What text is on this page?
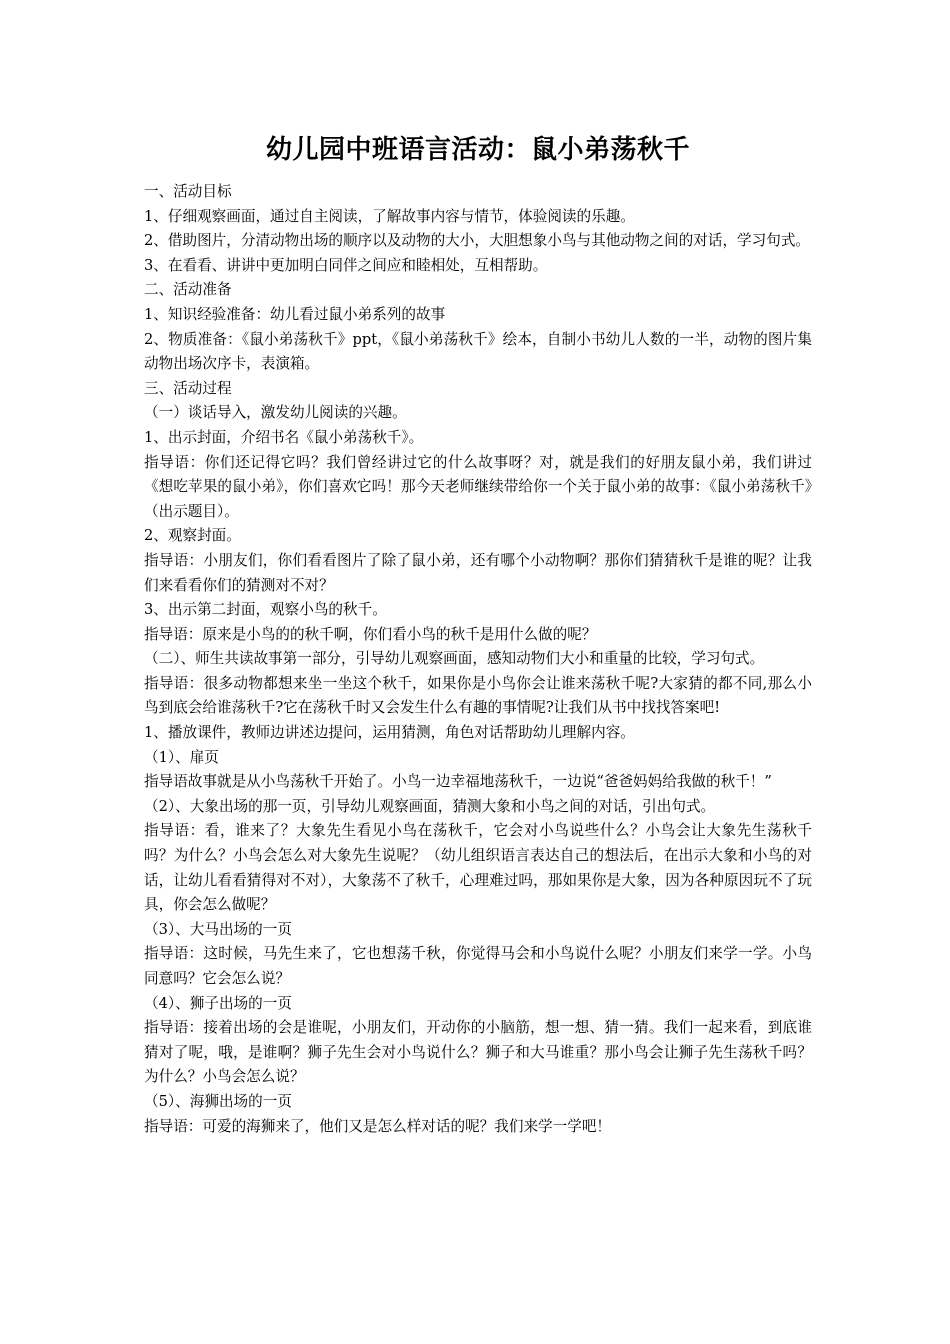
幼儿园中班语言活动：鼠小弟荡秋千

一、活动目标

1、仔细观察画面，通过自主阅读，了解故事内容与情节，体验阅读的乐趣。

2、借助图片，分清动物出场的顺序以及动物的大小，大胆想象小鸟与其他动物之间的对话，学习句式。

3、在看看、讲讲中更加明白同伴之间应和睦相处，互相帮助。

二、活动准备

1、知识经验准备：幼儿看过鼠小弟系列的故事

2、物质准备：《鼠小弟荡秋千》ppt，《鼠小弟荡秋千》绘本，自制小书幼儿人数的一半，动物的图片集动物出场次序卡，表演箱。

三、活动过程

（一）谈话导入，激发幼儿阅读的兴趣。

1、出示封面，介绍书名《鼠小弟荡秋千》。

指导语：你们还记得它吗？我们曾经讲过它的什么故事呀？对，就是我们的好朋友鼠小弟，我们讲过《想吃苹果的鼠小弟》，你们喜欢它吗！那今天老师继续带给你一个关于鼠小弟的故事：《鼠小弟荡秋千》（出示题目）。

2、观察封面。

指导语：小朋友们，你们看看图片了除了鼠小弟，还有哪个小动物啊？那你们猜猜秋千是谁的呢？让我们来看看你们的猜测对不对？

3、出示第二封面，观察小鸟的秋千。

指导语：原来是小鸟的的秋千啊，你们看小鸟的秋千是用什么做的呢？

（二）、师生共读故事第一部分，引导幼儿观察画面，感知动物们大小和重量的比较，学习句式。

指导语：很多动物都想来坐一坐这个秋千，如果你是小鸟你会让谁来荡秋千呢?大家猜的都不同,那么小鸟到底会给谁荡秋千?它在荡秋千时又会发生什么有趣的事情呢?让我们从书中找找答案吧!

1、播放课件，教师边讲述边提问，运用猜测，角色对话帮助幼儿理解内容。

（1）、扉页

指导语故事就是从小鸟荡秋千开始了。小鸟一边幸福地荡秋千，一边说“爸爸妈妈给我做的秋千！”

（2）、大象出场的那一页，引导幼儿观察画面，猜测大象和小鸟之间的对话，引出句式。

指导语：看，谁来了？大象先生看见小鸟在荡秋千，它会对小鸟说些什么？小鸟会让大象先生荡秋千吗？为什么？小鸟会怎么对大象先生说呢？（幼儿组织语言表达自己的想法后，在出示大象和小鸟的对话，让幼儿看看猜得对不对），大象荡不了秋千，心理难过吗，那如果你是大象，因为各种原因玩不了玩具，你会怎么做呢？

（3）、大马出场的一页

指导语：这时候，马先生来了，它也想荡千秋，你觉得马会和小鸟说什么呢？小朋友们来学一学。小鸟同意吗？它会怎么说？

（4）、狮子出场的一页

指导语：接着出场的会是谁呢，小朋友们，开动你的小脑筋，想一想、猜一猜。我们一起来看，到底谁猜对了呢，哦，是谁啊？狮子先生会对小鸟说什么？狮子和大马谁重？那小鸟会让狮子先生荡秋千吗？为什么？小鸟会怎么说？

（5）、海狮出场的一页

指导语：可爱的海狮来了，他们又是怎么样对话的呢？我们来学一学吧！
